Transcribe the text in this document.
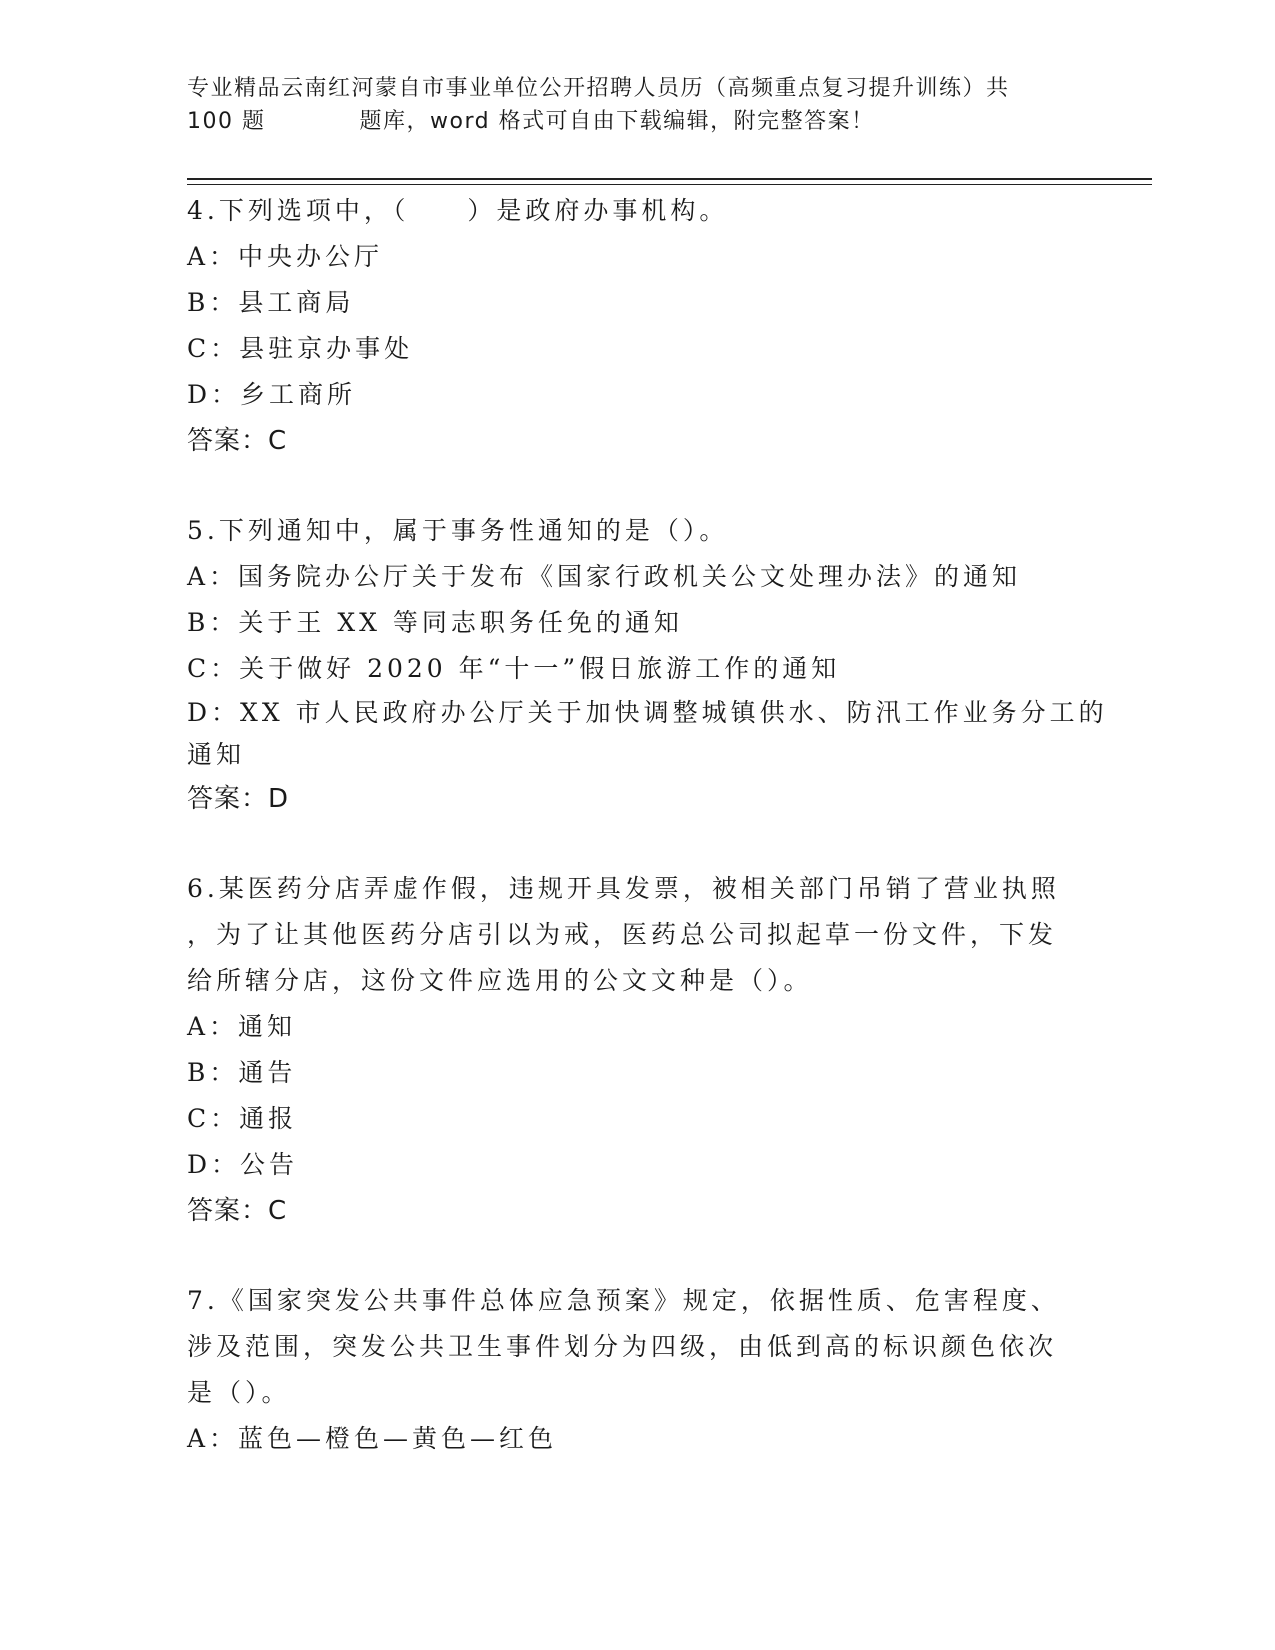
专业精品云南红河蒙自市事业单位公开招聘人员历（高频重点复习提升训练）共
100 题	题库，word 格式可自由下载编辑，附完整答案！
4.下列选项中，（　　）是政府办事机构。
A：中央办公厅
B：县工商局
C：县驻京办事处
D：乡工商所
答案：C
5.下列通知中，属于事务性通知的是（）。
A：国务院办公厅关于发布《国家行政机关公文处理办法》的通知
B：关于王 XX 等同志职务任免的通知
C：关于做好 2020 年“十一”假日旅游工作的通知
D：XX 市人民政府办公厅关于加快调整城镇供水、防汛工作业务分工的
通知
答案：D
6.某医药分店弄虚作假，违规开具发票，被相关部门吊销了营业执照
，为了让其他医药分店引以为戒，医药总公司拟起草一份文件，下发
给所辖分店，这份文件应选用的公文文种是（）。
A：通知
B：通告
C：通报
D：公告
答案：C
7.《国家突发公共事件总体应急预案》规定，依据性质、危害程度、
涉及范围，突发公共卫生事件划分为四级，由低到高的标识颜色依次
是（）。
A：蓝色—橙色—黄色—红色
